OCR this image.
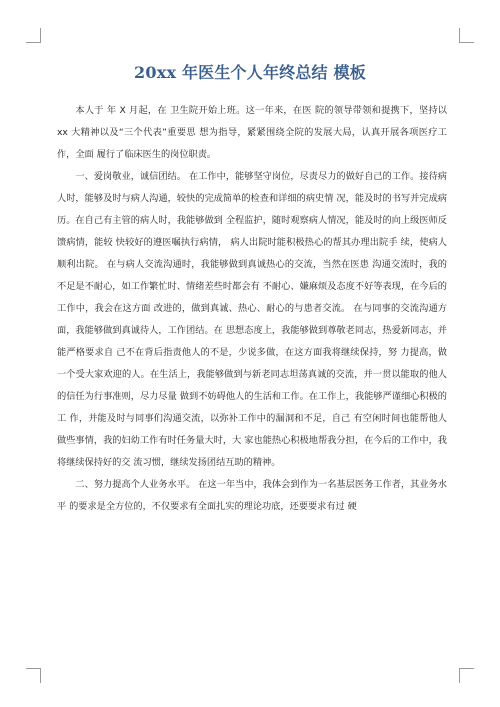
20xx 年医生个人年终总结 模板

本人于 年 X 月起，在 卫生院开始上班。这一年来，在医 院的领导带领和提携下，坚持以 xx 大精神以及“三个代表”重要思 想为指导，紧紧围绕全院的发展大局，认真开展各项医疗工作，全面 履行了临床医生的岗位职责。

一、爱岗敬业，诚信团结。 在工作中，能够坚守岗位，尽责尽力的做好自己的工作。接待病 人时，能够及时与病人沟通，较快的完成简单的检查和详细的病史情 况，能及时的书写并完成病历。在自己有主管的病人时，我能够做到 全程监护，随时观察病人情况，能及时的向上级医师反馈病情，能较 快较好的遵医嘱执行病情， 病人出院时能积极热心的帮其办理出院手 续，使病人顺利出院。 在与病人交流沟通时，我能够做到真诚热心的交流，当然在医患 沟通交流时，我的不足是不耐心，如工作繁忙时、情绪差些时都会有 不耐心、嫌麻烦及态度不好等表现，在今后的工作中，我会在这方面 改进的，做到真诚、热心、耐心的与患者交流。 在与同事的交流沟通方面，我能够做到真诚待人，工作团结。在 思想态度上，我能够做到尊敬老同志，热爱新同志，并能严格要求自 己不在背后指责他人的不是，少说多做，在这方面我将继续保持，努 力提高，做一个受大家欢迎的人。在生活上，我能够做到与新老同志坦荡真诚的交流，并一贯以能取的他人的信任为行事准则，尽力尽量 做到不妨碍他人的生活和工作。在工作上，我能够严谨细心积极的工 作，并能及时与同事们沟通交流，以弥补工作中的漏洞和不足，自己 有空闲时间也能帮他人做些事情，我的妇幼工作有时任务量大时，大 家也能热心积极地帮我分担，在今后的工作中，我将继续保持好的交 流习惯，继续发扬团结互助的精神。

二、努力提高个人业务水平。 在这一年当中，我体会到作为一名基层医务工作者，其业务水平 的要求是全方位的，不仅要求有全面扎实的理论功底，还要要求有过 硬
